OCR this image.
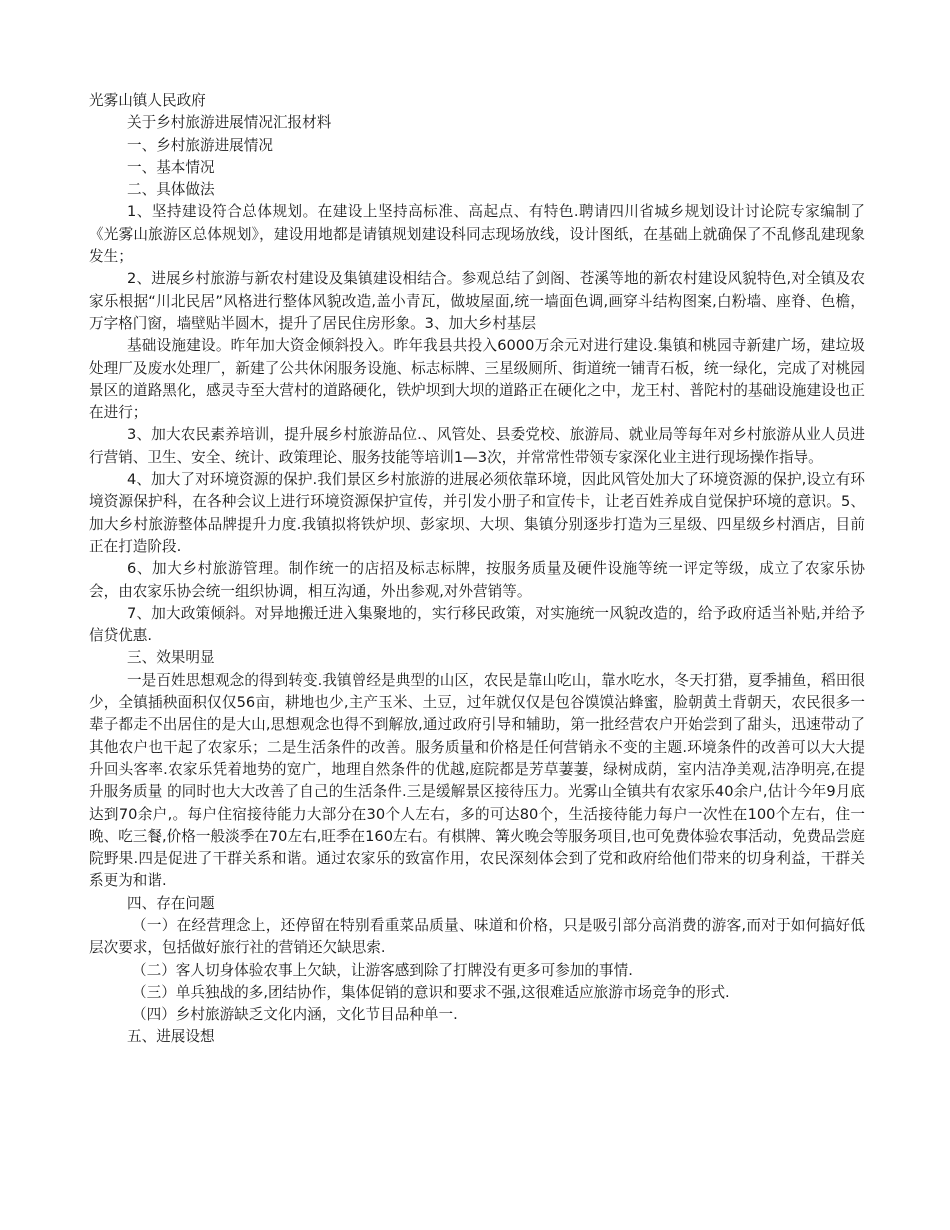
光雾山镇人民政府

关于乡村旅游进展情况汇报材料

一、乡村旅游进展情况

一、基本情况

二、具体做法

1、坚持建设符合总体规划。在建设上坚持高标准、高起点、有特色.聘请四川省城乡规划设计讨论院专家编制了《光雾山旅游区总体规划》，建设用地都是请镇规划建设科同志现场放线，设计图纸，在基础上就确保了不乱修乱建现象发生；

2、进展乡村旅游与新农村建设及集镇建设相结合。参观总结了剑阁、苍溪等地的新农村建设风貌特色,对全镇及农家乐根据“川北民居”风格进行整体风貌改造,盖小青瓦，做坡屋面,统一墙面色调,画穿斗结构图案,白粉墙、座脊、色檐，万字格门窗，墙壁贴半圆木，提升了居民住房形象。3、加大乡村基层

基础设施建设。昨年加大资金倾斜投入。昨年我县共投入6000万余元对进行建设.集镇和桃园寺新建广场，建垃圾处理厂及废水处理厂，新建了公共休闲服务设施、标志标牌、三星级厕所、街道统一铺青石板，统一绿化，完成了对桃园景区的道路黑化，感灵寺至大营村的道路硬化，铁炉坝到大坝的道路正在硬化之中，龙王村、普陀村的基础设施建设也正在进行；

3、加大农民素养培训，提升展乡村旅游品位.、风管处、县委党校、旅游局、就业局等每年对乡村旅游从业人员进行营销、卫生、安全、统计、政策理论、服务技能等培训1—3次，并常常性带领专家深化业主进行现场操作指导。

4、加大了对环境资源的保护.我们景区乡村旅游的进展必须依靠环境，因此风管处加大了环境资源的保护,设立有环境资源保护科，在各种会议上进行环境资源保护宣传，并引发小册子和宣传卡，让老百姓养成自觉保护环境的意识。5、加大乡村旅游整体品牌提升力度.我镇拟将铁炉坝、彭家坝、大坝、集镇分别逐步打造为三星级、四星级乡村酒店，目前正在打造阶段.

6、加大乡村旅游管理。制作统一的店招及标志标牌，按服务质量及硬件设施等统一评定等级，成立了农家乐协会，由农家乐协会统一组织协调，相互沟通，外出参观,对外营销等。

7、加大政策倾斜。对异地搬迁进入集聚地的，实行移民政策，对实施统一风貌改造的，给予政府适当补贴,并给予信贷优惠.

三、效果明显

一是百姓思想观念的得到转变.我镇曾经是典型的山区，农民是靠山吃山，靠水吃水，冬天打猎，夏季捕鱼，稻田很少，全镇插秧面积仅仅56亩，耕地也少,主产玉米、土豆，过年就仅仅是包谷馍馍沾蜂蜜，脸朝黄土背朝天，农民很多一辈子都走不出居住的是大山,思想观念也得不到解放,通过政府引导和辅助，第一批经营农户开始尝到了甜头，迅速带动了其他农户也干起了农家乐；二是生活条件的改善。服务质量和价格是任何营销永不变的主题.环境条件的改善可以大大提升回头客率.农家乐凭着地势的宽广，地理自然条件的优越,庭院都是芳草萋萋，绿树成荫，室内洁净美观,洁净明亮,在提升服务质量 的同时也大大改善了自己的生活条件.三是缓解景区接待压力。光雾山全镇共有农家乐40余户,估计今年9月底达到70余户,。每户住宿接待能力大部分在30个人左右，多的可达80个，生活接待能力每户一次性在100个左右，住一晚、吃三餐,价格一般淡季在70左右,旺季在160左右。有棋牌、篝火晚会等服务项目,也可免费体验农事活动，免费品尝庭院野果.四是促进了干群关系和谐。通过农家乐的致富作用，农民深刻体会到了党和政府给他们带来的切身利益，干群关系更为和谐.

四、存在问题

（一）在经营理念上，还停留在特别看重菜品质量、味道和价格，只是吸引部分高消费的游客,而对于如何搞好低层次要求，包括做好旅行社的营销还欠缺思索.

（二）客人切身体验农事上欠缺，让游客感到除了打牌没有更多可参加的事情.

（三）单兵独战的多,团结协作，集体促销的意识和要求不强,这很难适应旅游市场竞争的形式.

（四）乡村旅游缺乏文化内涵，文化节目品种单一.

五、进展设想
